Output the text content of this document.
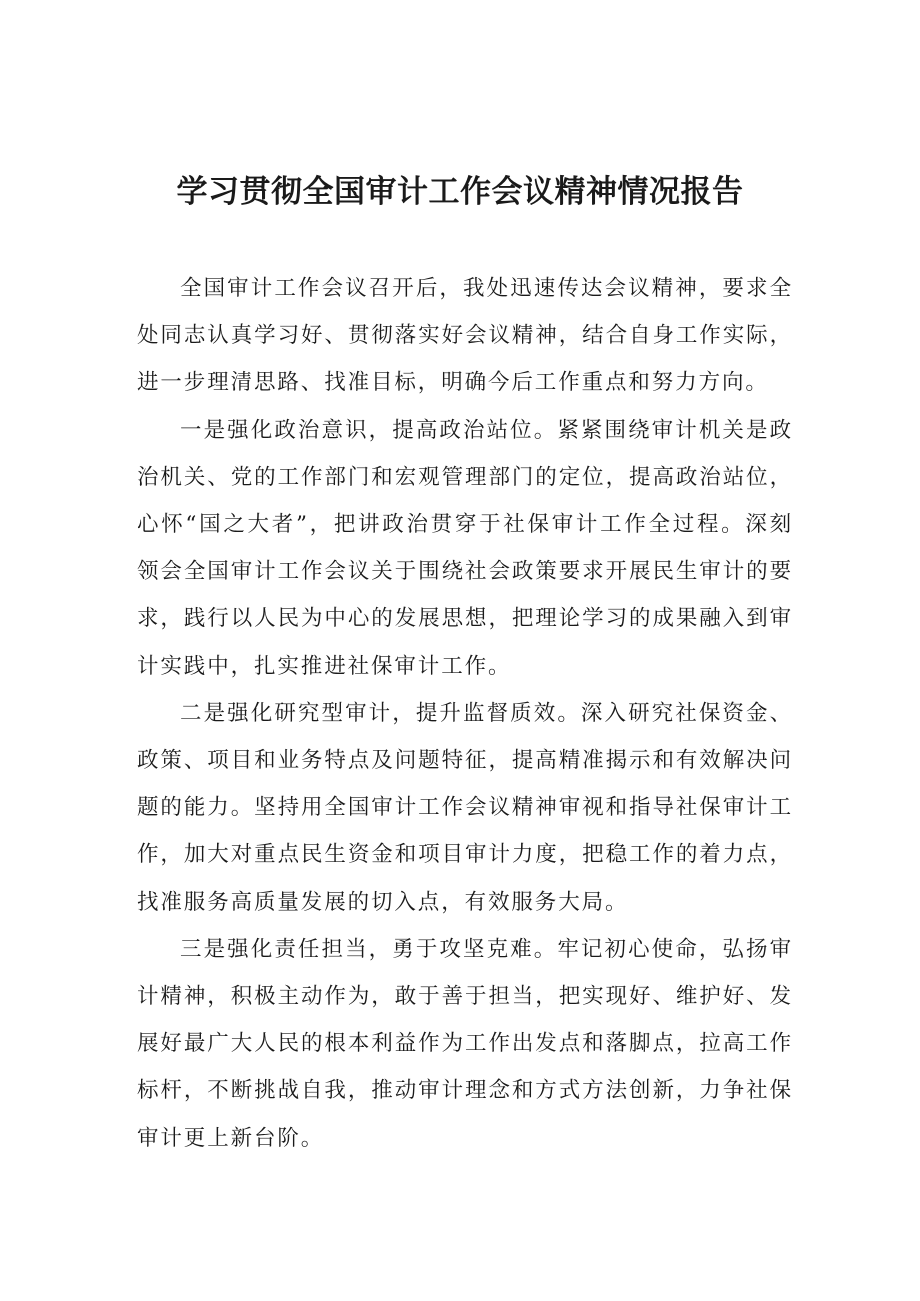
学习贯彻全国审计工作会议精神情况报告

全国审计工作会议召开后，我处迅速传达会议精神，要求全处同志认真学习好、贯彻落实好会议精神，结合自身工作实际，进一步理清思路、找准目标，明确今后工作重点和努力方向。

一是强化政治意识，提高政治站位。紧紧围绕审计机关是政治机关、党的工作部门和宏观管理部门的定位，提高政治站位，心怀“国之大者”，把讲政治贯穿于社保审计工作全过程。深刻领会全国审计工作会议关于围绕社会政策要求开展民生审计的要求，践行以人民为中心的发展思想，把理论学习的成果融入到审计实践中，扎实推进社保审计工作。

二是强化研究型审计，提升监督质效。深入研究社保资金、政策、项目和业务特点及问题特征，提高精准揭示和有效解决问题的能力。坚持用全国审计工作会议精神审视和指导社保审计工作，加大对重点民生资金和项目审计力度，把稳工作的着力点，找准服务高质量发展的切入点，有效服务大局。

三是强化责任担当，勇于攻坚克难。牢记初心使命，弘扬审计精神，积极主动作为，敢于善于担当，把实现好、维护好、发展好最广大人民的根本利益作为工作出发点和落脚点，拉高工作标杆，不断挑战自我，推动审计理念和方式方法创新，力争社保审计更上新台阶。
